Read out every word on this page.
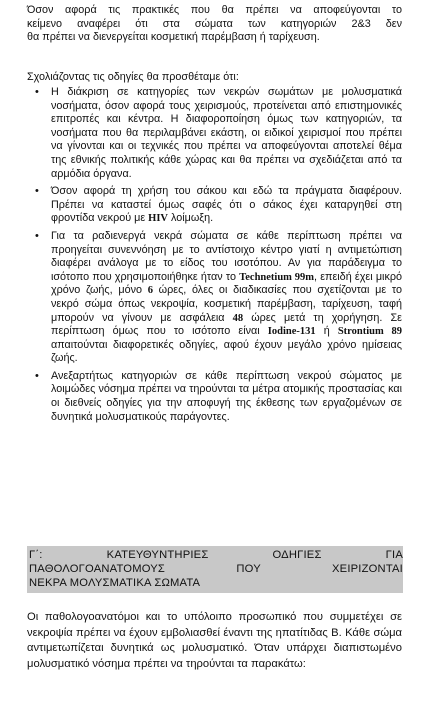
Όσον αφορά τις πρακτικές που θα πρέπει να αποφεύγονται το
κείμενο αναφέρει ότι στα σώματα των κατηγοριών 2&3 δεν
θα πρέπει να διενεργείται κοσμετική παρέμβαση ή ταρίχευση.

Σχολιάζοντας τις οδηγίες θα προσθέταμε ότι:

• Η διάκριση σε κατηγορίες των νεκρών σωμάτων με μολυσματικά νοσήματα, όσον αφορά τους χειρισμούς, προτείνεται από επιστημονικές επιτροπές και κέντρα. Η διαφοροποίηση όμως των κατηγοριών, τα νοσήματα που θα περιλαμβάνει εκάστη, οι ειδικοί χειρισμοί που πρέπει να γίνονται και οι τεχνικές που πρέπει να αποφεύγονται αποτελεί θέμα της εθνικής πολιτικής κάθε χώρας και θα πρέπει να σχεδιάζεται από τα αρμόδια όργανα.
• Όσον αφορά τη χρήση του σάκου και εδώ τα πράγματα διαφέρουν. Πρέπει να καταστεί όμως σαφές ότι ο σάκος έχει καταργηθεί στη φροντίδα νεκρού με HIV λοίμωξη.
• Για τα ραδιενεργά νεκρά σώματα σε κάθε περίπτωση πρέπει να προηγείται συνεννόηση με το αντίστοιχο κέντρο γιατί η αντιμετώπιση διαφέρει ανάλογα με το είδος του ισοτόπου. Αν για παράδειγμα το ισότοπο που χρησιμοποιήθηκε ήταν το Technetium 99m, επειδή έχει μικρό χρόνο ζωής, μόνο 6 ώρες, όλες οι διαδικασίες που σχετίζονται με το νεκρό σώμα όπως νεκροψία, κοσμετική παρέμβαση, ταρίχευση, ταφή μπορούν να γίνουν με ασφάλεια 48 ώρες μετά τη χορήγηση. Σε περίπτωση όμως που το ισότοπο είναι Iodine-131 ή Strontium 89 απαιτούνται διαφορετικές οδηγίες, αφού έχουν μεγάλο χρόνο ημίσειας ζωής.
• Ανεξαρτήτως κατηγοριών σε κάθε περίπτωση νεκρού σώματος με λοιμώδες νόσημα πρέπει να τηρούνται τα μέτρα ατομικής προστασίας και οι διεθνείς οδηγίες για την αποφυγή της έκθεσης των εργαζομένων σε δυνητικά μολυσματικούς παράγοντες.
Γ΄: ΚΑΤΕΥΘΥΝΤΗΡΙΕΣ ΟΔΗΓΙΕΣ ΓΙΑ
ΠΑΘΟΛΟΓΟΑΝΑΤΟΜΟΥΣ ΠΟΥ ΧΕΙΡΙΖΟΝΤΑΙ
ΝΕΚΡΑ ΜΟΛΥΣΜΑΤΙΚΑ ΣΩΜΑΤΑ

Οι παθολογοανατόμοι και το υπόλοιπο προσωπικό που συμμετέχει σε νεκροψία πρέπει να έχουν εμβολιασθεί έναντι της ηπατίτιδας Β. Κάθε σώμα αντιμετωπίζεται δυνητικά ως μολυσματικό. Όταν υπάρχει διαπιστωμένο μολυσματικό νόσημα πρέπει να τηρούνται τα παρακάτω:
